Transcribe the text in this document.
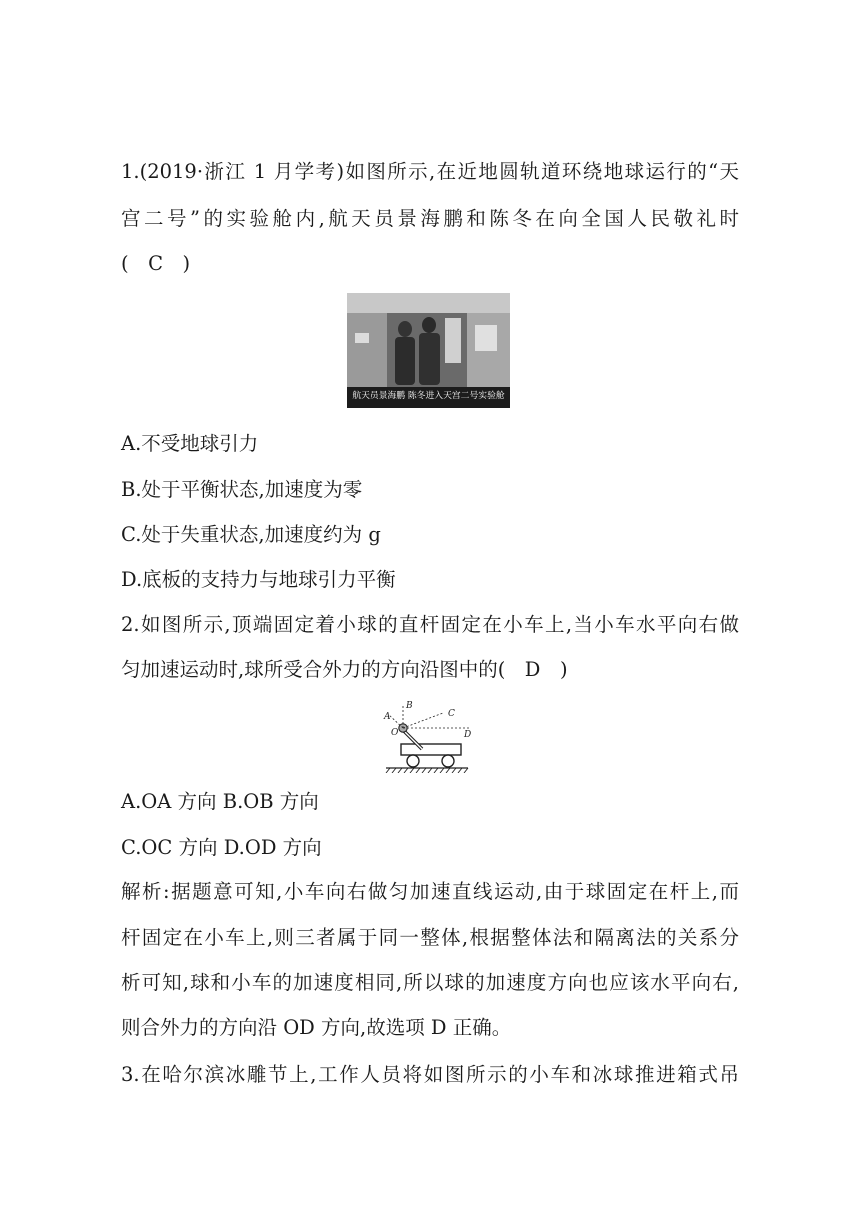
1.(2019·浙江 1 月学考)如图所示,在近地圆轨道环绕地球运行的“天
宫二号”的实验舱内,航天员景海鹏和陈冬在向全国人民敬礼时
(　C　)
航天员景海鹏 陈冬进入天宫二号实验舱
A.不受地球引力
B.处于平衡状态,加速度为零
C.处于失重状态,加速度约为 g
D.底板的支持力与地球引力平衡
2.如图所示,顶端固定着小球的直杆固定在小车上,当小车水平向右做
匀加速运动时,球所受合外力的方向沿图中的(　D　)
A
B
C
D
O
A.OA 方向 B.OB 方向
C.OC 方向 D.OD 方向
解析:据题意可知,小车向右做匀加速直线运动,由于球固定在杆上,而
杆固定在小车上,则三者属于同一整体,根据整体法和隔离法的关系分
析可知,球和小车的加速度相同,所以球的加速度方向也应该水平向右,
则合外力的方向沿 OD 方向,故选项 D 正确。
3.在哈尔滨冰雕节上,工作人员将如图所示的小车和冰球推进箱式吊
